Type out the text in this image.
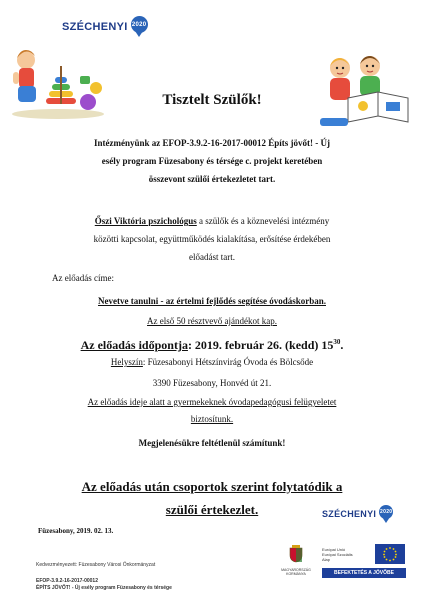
SZÉCHENYI 2020
Tisztelt Szülők!
Intézményünk az EFOP-3.9.2-16-2017-00012 Építs jövőt! - Új
esély program Füzesabony és térsége c. projekt keretében
összevont szülői értekezletet tart.
Őszi Viktória pszichológus a szülők és a köznevelési intézmény
közötti kapcsolat, együttműködés kialakítása, erősítése érdekében
előadást tart.
Az előadás címe:
Nevetve tanulni - az értelmi fejlődés segítése óvodáskorban.
Az első 50 résztvevő ajándékot kap.
Az előadás időpontja: 2019. február 26. (kedd) $15^{30}$.
Helyszín: Füzesabonyi Hétszínvirág Óvoda és Bölcsőde
3390 Füzesabony, Honvéd út 21.
Az előadás ideje alatt a gyermekeknek óvodapedagógusi felügyeletet
biztosítunk.
Megjelenésükre feltétlenül számítunk!
Az előadás után csoportok szerint folytatódik a
szülői értekezlet.
Füzesabony, 2019. 02. 13.
SZÉCHENYI 2020
Kedvezményezett: Füzesabony Városi Önkormányzat
EFOP-3.9.2-16-2017-00012
ÉPÍTS JÖVŐT! - Új esély program Füzesabony és térsége
MAGYARORSZÁG
KORMÁNYA
Európai Unió
Európai Szociális
Alap
BEFEKTETÉS A JÖVŐBE
